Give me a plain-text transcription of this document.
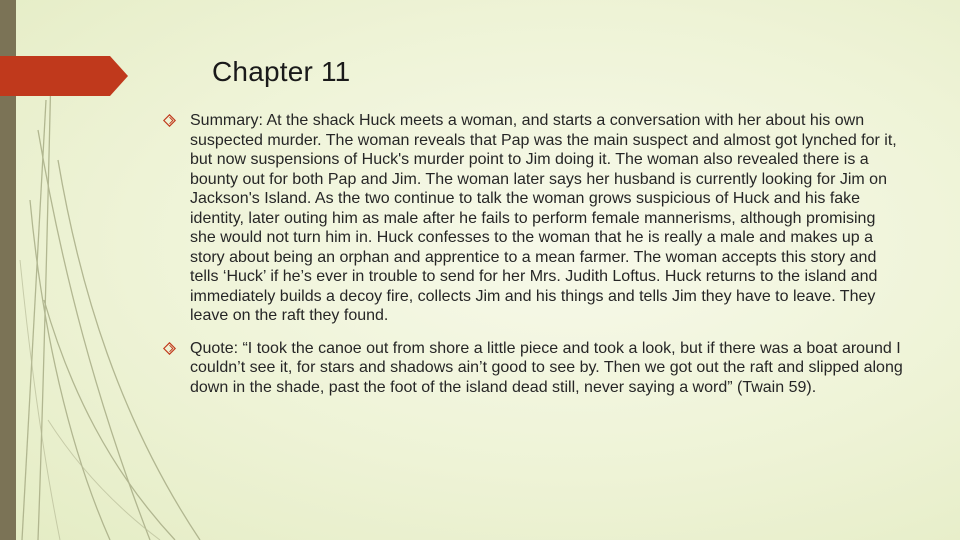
Chapter 11
Summary: At the shack Huck meets a woman, and starts a conversation with her about his own suspected murder. The woman reveals that Pap was the main suspect and almost got lynched for it, but now suspensions of Huck's murder point to Jim doing it. The woman also revealed there is a bounty out for both Pap and Jim. The woman later says her husband is currently looking for Jim on Jackson's Island. As the two continue to talk the woman grows suspicious of Huck and his fake identity, later outing him as male after he fails to perform female mannerisms, although promising she would not turn him in. Huck confesses to the woman that he is really a male and makes up a story about being an orphan and apprentice to a mean farmer. The woman accepts this story and tells ‘Huck’ if he’s ever in trouble to send for her Mrs. Judith Loftus. Huck returns to the island and immediately builds a decoy fire, collects Jim and his things and tells Jim they have to leave. They leave on the raft they found.
Quote: “I took the canoe out from shore a little piece and took a look, but if there was a boat around I couldn’t see it, for stars and shadows ain’t good to see by. Then we got out the raft and slipped along down in the shade, past the foot of the island dead still, never saying a word” (Twain 59).
